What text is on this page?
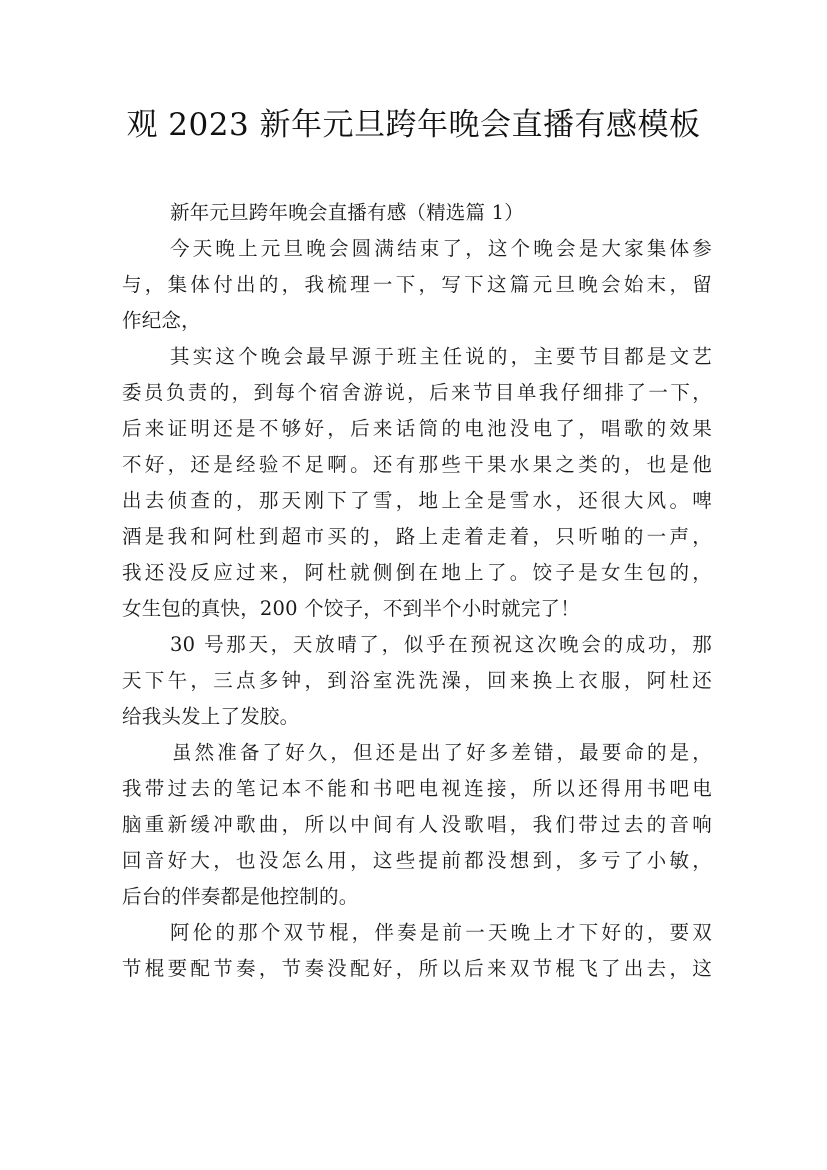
观 2023 新年元旦跨年晚会直播有感模板
新年元旦跨年晚会直播有感（精选篇 1）
今天晚上元旦晚会圆满结束了，这个晚会是大家集体参
与，集体付出的，我梳理一下，写下这篇元旦晚会始末，留
作纪念，
其实这个晚会最早源于班主任说的，主要节目都是文艺
委员负责的，到每个宿舍游说，后来节目单我仔细排了一下，
后来证明还是不够好，后来话筒的电池没电了，唱歌的效果
不好，还是经验不足啊。还有那些干果水果之类的，也是他
出去侦查的，那天刚下了雪，地上全是雪水，还很大风。啤
酒是我和阿杜到超市买的，路上走着走着，只听啪的一声，
我还没反应过来，阿杜就侧倒在地上了。饺子是女生包的，
女生包的真快，200 个饺子，不到半个小时就完了！
30 号那天，天放晴了，似乎在预祝这次晚会的成功，那
天下午，三点多钟，到浴室洗洗澡，回来换上衣服，阿杜还
给我头发上了发胶。
虽然准备了好久，但还是出了好多差错，最要命的是，
我带过去的笔记本不能和书吧电视连接，所以还得用书吧电
脑重新缓冲歌曲，所以中间有人没歌唱，我们带过去的音响
回音好大，也没怎么用，这些提前都没想到，多亏了小敏，
后台的伴奏都是他控制的。
阿伦的那个双节棍，伴奏是前一天晚上才下好的，要双
节棍要配节奏，节奏没配好，所以后来双节棍飞了出去，这
